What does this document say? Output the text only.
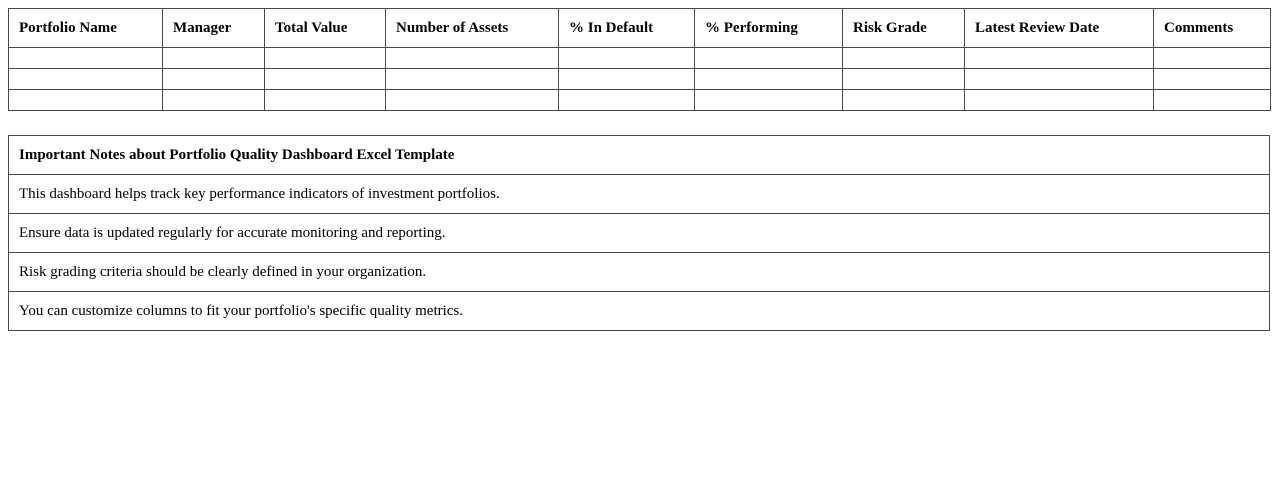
Portfolio Name	Manager	Total Value	Number of Assets	% In Default	% Performing	Risk Grade	Latest Review Date	Comments

Important Notes about Portfolio Quality Dashboard Excel Template
This dashboard helps track key performance indicators of investment portfolios.
Ensure data is updated regularly for accurate monitoring and reporting.
Risk grading criteria should be clearly defined in your organization.
You can customize columns to fit your portfolio's specific quality metrics.
